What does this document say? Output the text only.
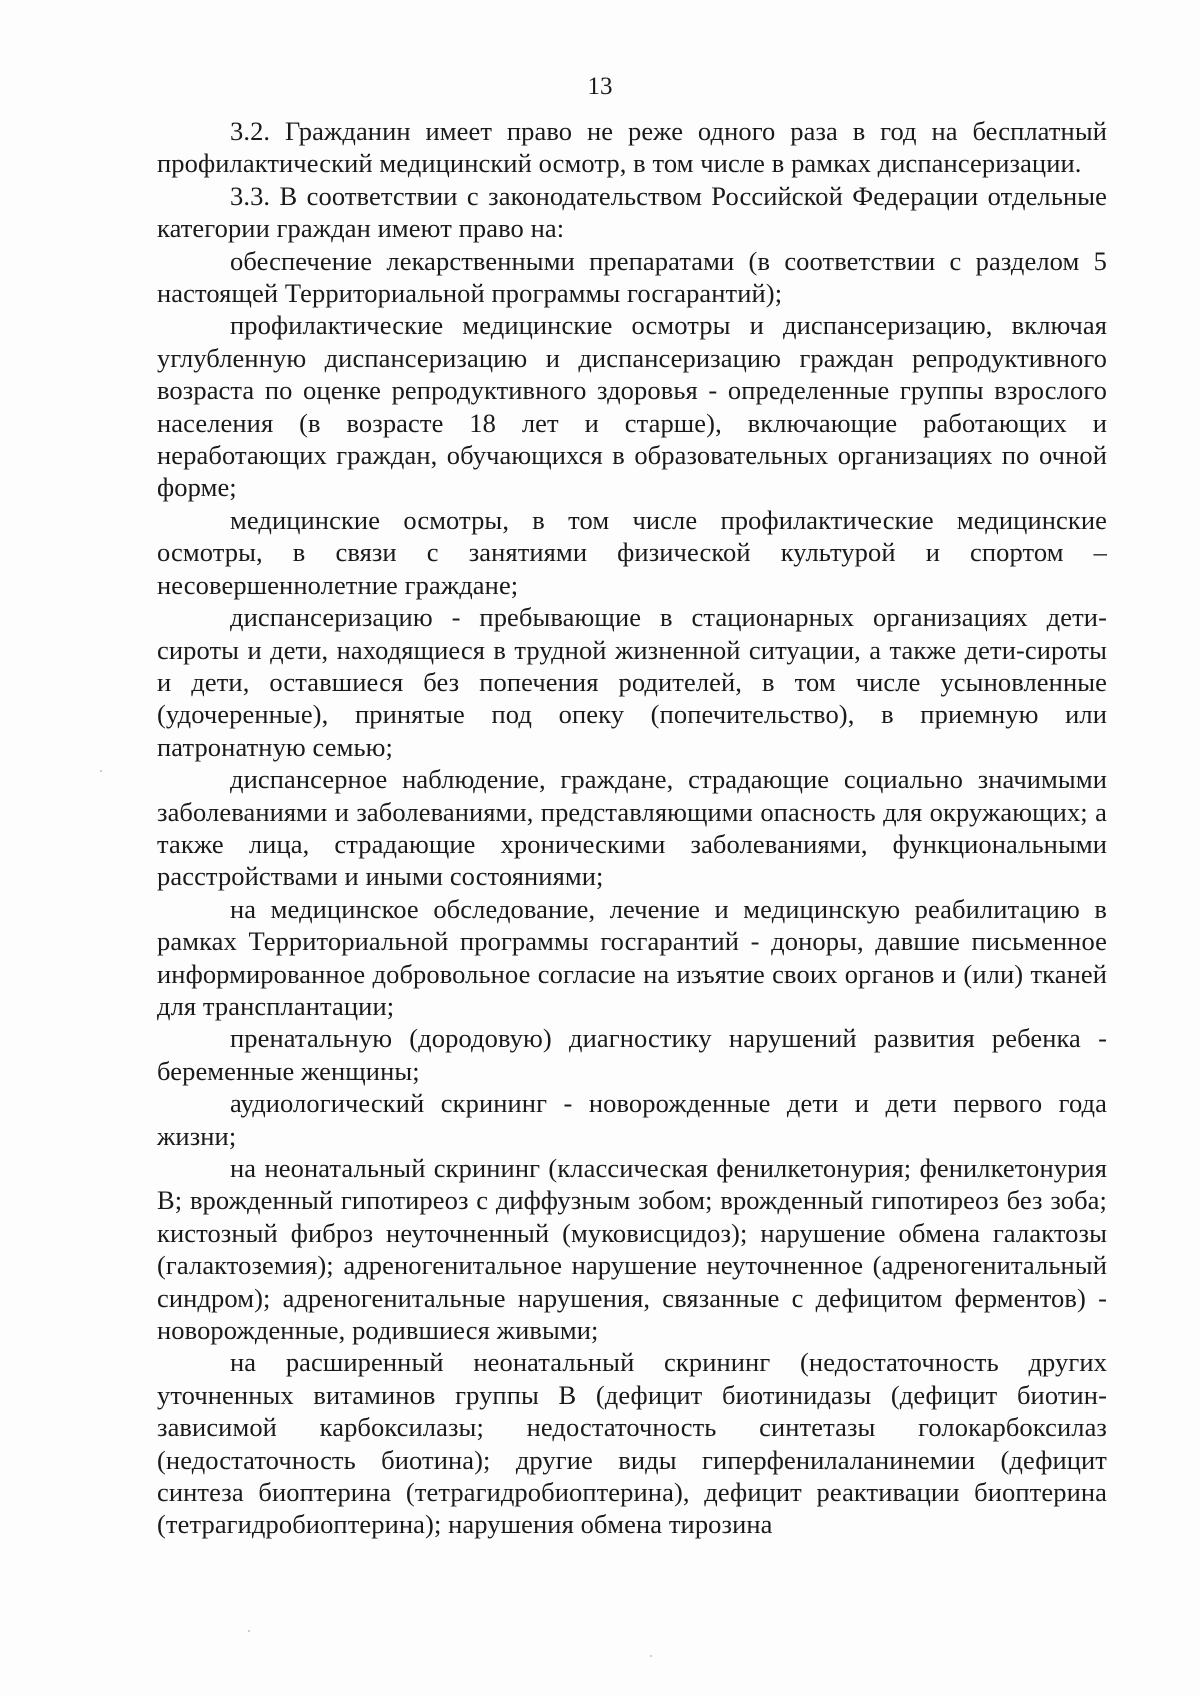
13

3.2. Гражданин имеет право не реже одного раза в год на бесплатный профилактический медицинский осмотр, в том числе в рамках диспансеризации.

3.3. В соответствии с законодательством Российской Федерации отдельные категории граждан имеют право на:

обеспечение лекарственными препаратами (в соответствии с разделом 5 настоящей Территориальной программы госгарантий);

профилактические медицинские осмотры и диспансеризацию, включая углубленную диспансеризацию и диспансеризацию граждан репродуктивного возраста по оценке репродуктивного здоровья - определенные группы взрослого населения (в возрасте 18 лет и старше), включающие работающих и неработающих граждан, обучающихся в образовательных организациях по очной форме;

медицинские осмотры, в том числе профилактические медицинские осмотры, в связи с занятиями физической культурой и спортом – несовершеннолетние граждане;

диспансеризацию - пребывающие в стационарных организациях дети-сироты и дети, находящиеся в трудной жизненной ситуации, а также дети-сироты и дети, оставшиеся без попечения родителей, в том числе усыновленные (удочеренные), принятые под опеку (попечительство), в приемную или патронатную семью;

диспансерное наблюдение, граждане, страдающие социально значимыми заболеваниями и заболеваниями, представляющими опасность для окружающих; а также лица, страдающие хроническими заболеваниями, функциональными расстройствами и иными состояниями;

на медицинское обследование, лечение и медицинскую реабилитацию в рамках Территориальной программы госгарантий - доноры, давшие письменное информированное добровольное согласие на изъятие своих органов и (или) тканей для трансплантации;

пренатальную (дородовую) диагностику нарушений развития ребенка - беременные женщины;

аудиологический скрининг - новорожденные дети и дети первого года жизни;

на неонатальный скрининг (классическая фенилкетонурия; фенилкетонурия В; врожденный гипотиреоз с диффузным зобом; врожденный гипотиреоз без зоба; кистозный фиброз неуточненный (муковисцидоз); нарушение обмена галактозы (галактоземия); адреногенитальное нарушение неуточненное (адреногенитальный синдром); адреногенитальные нарушения, связанные с дефицитом ферментов) - новорожденные, родившиеся живыми;

на расширенный неонатальный скрининг (недостаточность других уточненных витаминов группы В (дефицит биотинидазы (дефицит биотин-зависимой карбоксилазы; недостаточность синтетазы голокарбоксилаз (недостаточность биотина); другие виды гиперфенилаланинемии (дефицит синтеза биоптерина (тетрагидробиоптерина), дефицит реактивации биоптерина (тетрагидробиоптерина); нарушения обмена тирозина
